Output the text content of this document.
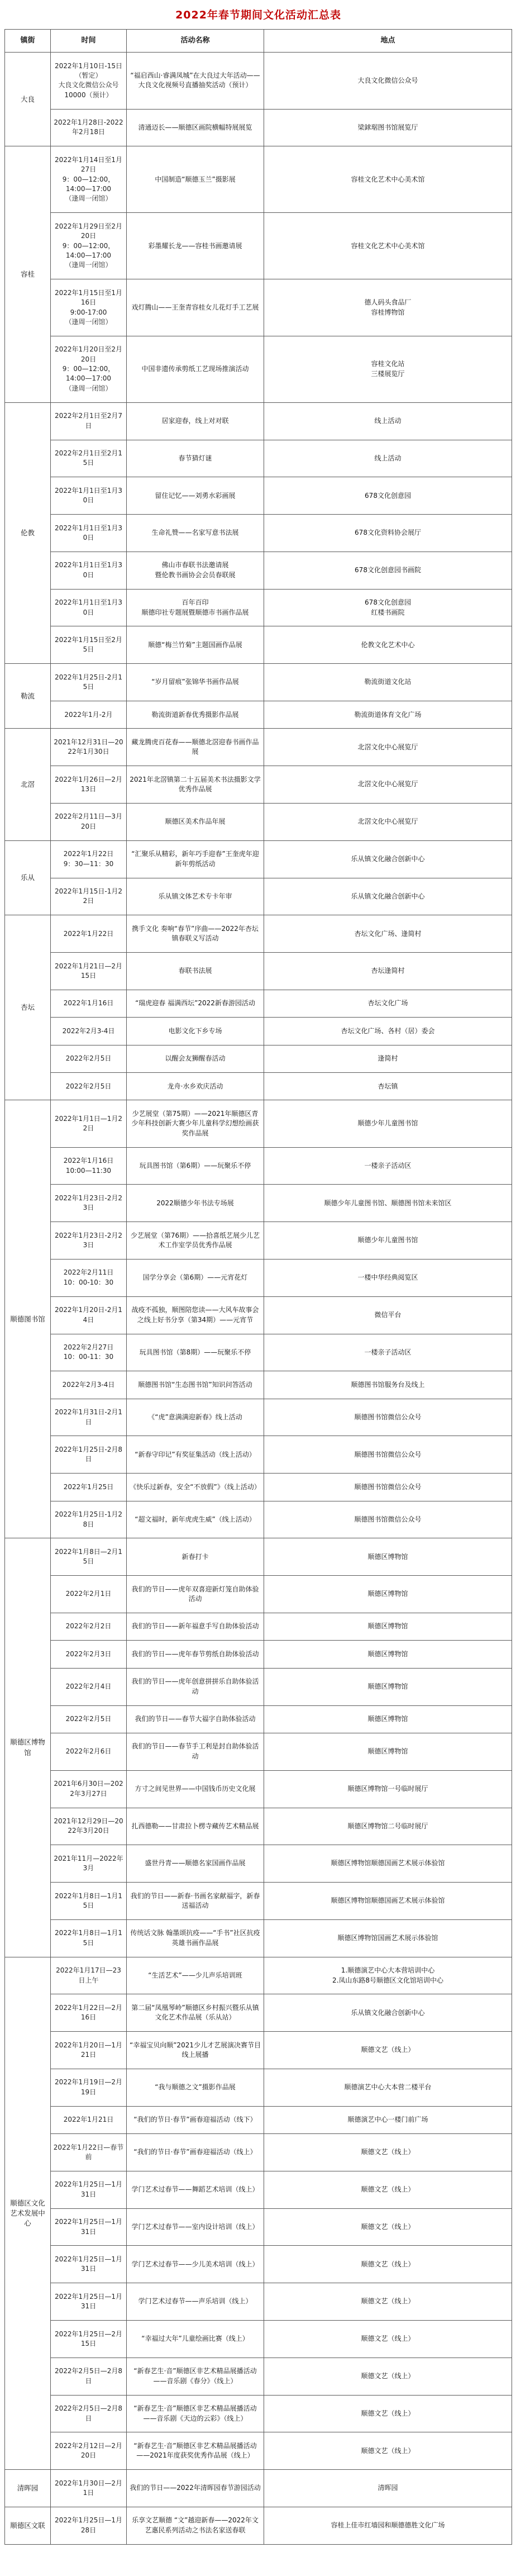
2022年春节期间文化活动汇总表			
镇街	时间	活动名称	地点
大良	2022年1月10日-15日（暂定）
大良文化微信公众号
10000（预计）	“福启西山·睿满凤城”在大良过大年活动——大良文化视频号直播抽奖活动（预计）	大良文化微信公众号
	2022年1月28日-2022年2月18日	清通迈长——顺德区画院横幅特展展览	梁銶琚图书馆展览厅
容桂	2022年1月14日至1月27日
9：00—12:00，
14:00—17:00
（逢周一闭馆）	中国制造“顺德玉兰”摄影展	容桂文化艺术中心美术馆
	2022年1月29日至2月20日
9：00—12:00，
14:00—17:00
（逢周一闭馆）	彩墨耀长龙——容桂书画邀请展	容桂文化艺术中心美术馆
	2022年1月15日至1月16日
9:00-17:00
（逢周一闭馆）	戏灯腾山——王奎青容桂女儿花灯手工艺展	德人码头食品厂
容桂博物馆
	2022年1月20日至2月20日
9：00—12:00，
14:00—17:00
（逢周一闭馆）	中国非遗传承剪纸工艺现场推演活动	容桂文化站
三楼展览厅
伦教	2022年2月1日至2月7日	居家迎春，线上对对联	线上活动
	2022年2月1日至2月15日	春节猜灯谜	线上活动
	2022年1月1日至1月30日	留住记忆——刘勇水彩画展	678文化创意园
	2022年1月1日至1月30日	生命礼赞——名家写意书法展	678文化资料协会展厅
	2022年1月1日至1月30日	佛山市春联书法邀请展
暨伦教书画协会会员春联展	678文化创意园书画院
	2022年1月1日至1月30日	百年百印
顺德印社专题展暨顺德市书画作品展	678文化创意园
红楼书画院
	2022年1月15日至2月5日	顺德“梅兰竹菊”主题国画作品展	伦教文化艺术中心
勒流	2022年1月25日-2月15日	“岁月留痕”张锦华书画作品展	勒流街道文化站
	2022年1月-2月	勒流街道新春优秀摄影作品展	勒流街道体育文化广场
北滘	2021年12月31日—2022年1月30日	藏龙腾虎百花春——顺德北滘迎春书画作品展	北滘文化中心展览厅
	2022年1月26日—2月13日	2021年北滘镇第二十五届美术书法摄影文学优秀作品展	北滘文化中心展览厅
	2022年2月11日—3月20日	顺德区美术作品年展	北滘文化中心展览厅
乐从	2022年1月22日
9：30—11：30	“汇聚乐从精彩，新年巧手迎春”王奎虎年迎新年剪纸活动	乐从镇文化融合创新中心
	2022年1月15日-1月22日	乐从镇文体艺术专卡年审	乐从镇文化融合创新中心
杏坛	2022年1月22日	携手文化 奏响“春节”序曲——2022年杏坛镇春联义写活动	杏坛文化广场、逢简村
	2022年1月21日—2月15日	春联书法展	杏坛逢简村
	2022年1月16日	“瑞虎迎春 福满西坛”2022新春游园活动	杏坛文化广场
	2022年2月3-4日	电影文化下乡专场	杏坛文化广场、各村（居）委会
	2022年2月5日	以醒会友狮醒春活动	逢简村
	2022年2月5日	龙舟·水乡欢庆活动	杏坛镇
顺德图书馆	2022年1月1日—1月22日	少艺展堂（第75期）——2021年顺德区青少年科技创新大赛少年儿童科学幻想绘画获奖作品展	顺德少年儿童图书馆
	2022年1月16日
10:00—11:30	玩具图书馆（第6期）——玩聚乐不停	一楼亲子活动区
	2022年1月23日-2月23日	2022顺德少年书法专场展	顺德少年儿童图书馆、顺德图书馆未来馆区
	2022年1月23日-2月23日	少艺展堂（第76期）——拾喜纸艺展少儿艺术工作室学员优秀作品展	顺德少年儿童图书馆
	2022年2月11日
10：00-10：30	国学分享会（第6期）——元宵花灯	一楼中华经典阅览区
	2022年1月20日-2月14日	战疫不孤独，顺图陪您读——大风车故事会之线上好书分享（第34期）——元宵节	微信平台
	2022年2月27日
10：00-11：30	玩具图书馆（第8期）——玩聚乐不停	一楼亲子活动区
	2022年2月3-4日	顺德图书馆“生态图书馆”知识问答活动	顺德图书馆服务台及线上
	2022年1月31日-2月1日	《“虎”意满满迎新春》线上活动	顺德图书馆微信公众号
	2022年1月25日-2月8日	“新春守印记”有奖征集活动（线上活动）	顺德图书馆微信公众号
	2022年1月25日	《快乐过新春，安全“不放假”》（线上活动）	顺德图书馆微信公众号
	2022年1月25日-1月28日	“超文福时，新年虎虎生威”（线上活动）	顺德图书馆微信公众号
顺德区博物馆	2022年1月8日—2月15日	新春打卡	顺德区博物馆
	2022年2月1日	我们的节日——虎年双喜迎新灯笼自助体验活动	顺德区博物馆
	2022年2月2日	我们的节日——新年福意手写自助体验活动	顺德区博物馆
	2022年2月3日	我们的节日——虎年春节剪纸自助体验活动	顺德区博物馆
	2022年2月4日	我们的节日——虎年创意拼拼乐自助体验活动	顺德区博物馆
	2022年2月5日	我们的节日——春节大福字自助体验活动	顺德区博物馆
	2022年2月6日	我们的节日——春节手工利是封自助体验活动	顺德区博物馆
	2021年6月30日—2022年3月27日	方寸之间见世界——中国钱币历史文化展	顺德区博物馆一号临时展厅
	2021年12月29日—2022年3月20日	扎西德勒——甘肃拉卜楞寺藏传艺术精品展	顺德区博物馆二号临时展厅
	2021年11月—2022年3月	盛世丹青——顺德名家国画作品展	顺德区博物馆顺德国画艺术展示体验馆
	2022年1月8日—1月15日	我们的节日——新春·书画名家献福字，新春送福活动	顺德区博物馆顺德国画艺术展示体验馆
	2022年1月8日—1月15日	传统话文脉 翰墨颂抗疫——“手书”社区抗疫英雄书画作品展	顺德区博物馆国画艺术展示体验馆
顺德区文化艺术发展中心	2022年1月17日—23日上午	“生活艺术”——少儿声乐培训班	1.顺德演艺中心大本营培训中心
2.凤山东路8号顺德区文化馆培训中心
	2022年1月22日—2月16日	第二届“凤凰琴岭”顺德区乡村振兴暨乐从镇文化艺术作品展（乐从站）	乐从镇文化融合创新中心
	2022年1月20日—1月21日	“幸福宝贝向顺”2021少儿才艺展演决赛节目线上展播	顺德文艺（线上）
	2022年1月19日—2月19日	“我与顺德之文”摄影作品展	顺德演艺中心大本营二楼平台
	2022年1月21日	“我们的节日·春节”画春迎福活动（线下）	顺德演艺中心一楼门前广场
	2022年1月22日—春节前	“我们的节日·春节”画春迎福活动（线上）	顺德文艺（线上）
	2022年1月25日—1月31日	学门艺术过春节——舞蹈艺术培训（线上）	顺德文艺（线上）
	2022年1月25日—1月31日	学门艺术过春节——室内设计培训（线上）	顺德文艺（线上）
	2022年1月25日—1月31日	学门艺术过春节——少儿美术培训（线上）	顺德文艺（线上）
	2022年1月25日—1月31日	学门艺术过春节——声乐培训（线上）	顺德文艺（线上）
	2022年1月25日—2月15日	“幸福过大年”儿童绘画比赛（线上）	顺德文艺（线上）
	2022年2月5日—2月8日	“新春艺生·音”顺德区非艺术精品展播活动——音乐剧《春分》（线上）	顺德文艺（线上）
	2022年2月5日—2月8日	“新春艺生·音”顺德区非艺术精品展播活动——音乐剧《天边的云彩》（线上）	顺德文艺（线上）
	2022年2月12日—2月20日	“新春艺生·音”顺德区非艺术精品展播活动——2021年度获奖优秀作品展（线上）	顺德文艺（线上）
清晖园	2022年1月30日—2月1日	我们的节日——2022年清晖园春节游园活动	清晖园
顺德区文联	2022年1月25日—1月28日	乐享文艺顺德 “文”越迎新春——2022年文艺惠民系列活动之书法名家送春联	容桂上佳市红墙园和顺德德胜文化广场
